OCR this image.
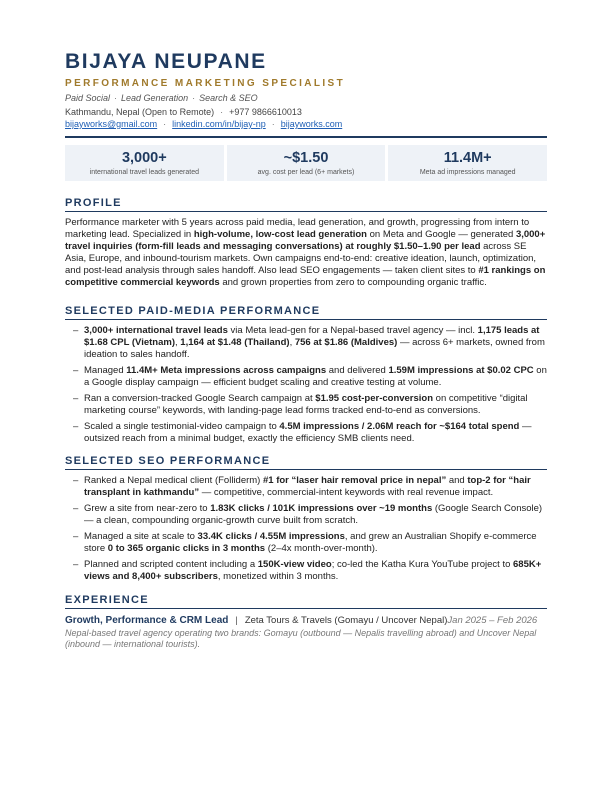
BIJAYA NEUPANE
PERFORMANCE MARKETING SPECIALIST
Paid Social · Lead Generation · Search & SEO
Kathmandu, Nepal (Open to Remote) · +977 9866610013
bijayworks@gmail.com · linkedin.com/in/bijay-np · bijayworks.com
3,000+
international travel leads generated
~$1.50
avg. cost per lead (6+ markets)
11.4M+
Meta ad impressions managed
PROFILE
Performance marketer with 5 years across paid media, lead generation, and growth, progressing from intern to marketing lead. Specialized in high-volume, low-cost lead generation on Meta and Google — generated 3,000+ travel inquiries (form-fill leads and messaging conversations) at roughly $1.50–1.90 per lead across SE Asia, Europe, and inbound-tourism markets. Own campaigns end-to-end: creative ideation, launch, optimization, and post-lead analysis through sales handoff. Also lead SEO engagements — taken client sites to #1 rankings on competitive commercial keywords and grown properties from zero to compounding organic traffic.
SELECTED PAID-MEDIA PERFORMANCE
– 3,000+ international travel leads via Meta lead-gen for a Nepal-based travel agency — incl. 1,175 leads at $1.68 CPL (Vietnam), 1,164 at $1.48 (Thailand), 756 at $1.86 (Maldives) — across 6+ markets, owned from ideation to sales handoff.
– Managed 11.4M+ Meta impressions across campaigns and delivered 1.59M impressions at $0.02 CPC on a Google display campaign — efficient budget scaling and creative testing at volume.
– Ran a conversion-tracked Google Search campaign at $1.95 cost-per-conversion on competitive “digital marketing course” keywords, with landing-page lead forms tracked end-to-end as conversions.
– Scaled a single testimonial-video campaign to 4.5M impressions / 2.06M reach for ~$164 total spend — outsized reach from a minimal budget, exactly the efficiency SMB clients need.
SELECTED SEO PERFORMANCE
– Ranked a Nepal medical client (Folliderm) #1 for “laser hair removal price in nepal” and top-2 for “hair transplant in kathmandu” — competitive, commercial-intent keywords with real revenue impact.
– Grew a site from near-zero to 1.83K clicks / 101K impressions over ~19 months (Google Search Console) — a clean, compounding organic-growth curve built from scratch.
– Managed a site at scale to 33.4K clicks / 4.55M impressions, and grew an Australian Shopify e-commerce store 0 to 365 organic clicks in 3 months (2–4x month-over-month).
– Planned and scripted content including a 150K-view video; co-led the Katha Kura YouTube project to 685K+ views and 8,400+ subscribers, monetized within 3 months.
EXPERIENCE
Growth, Performance & CRM Lead | Zeta Tours & Travels (Gomayu / Uncover Nepal)Jan 2025 – Feb 2026
Nepal-based travel agency operating two brands: Gomayu (outbound — Nepalis travelling abroad) and Uncover Nepal (inbound — international tourists).
